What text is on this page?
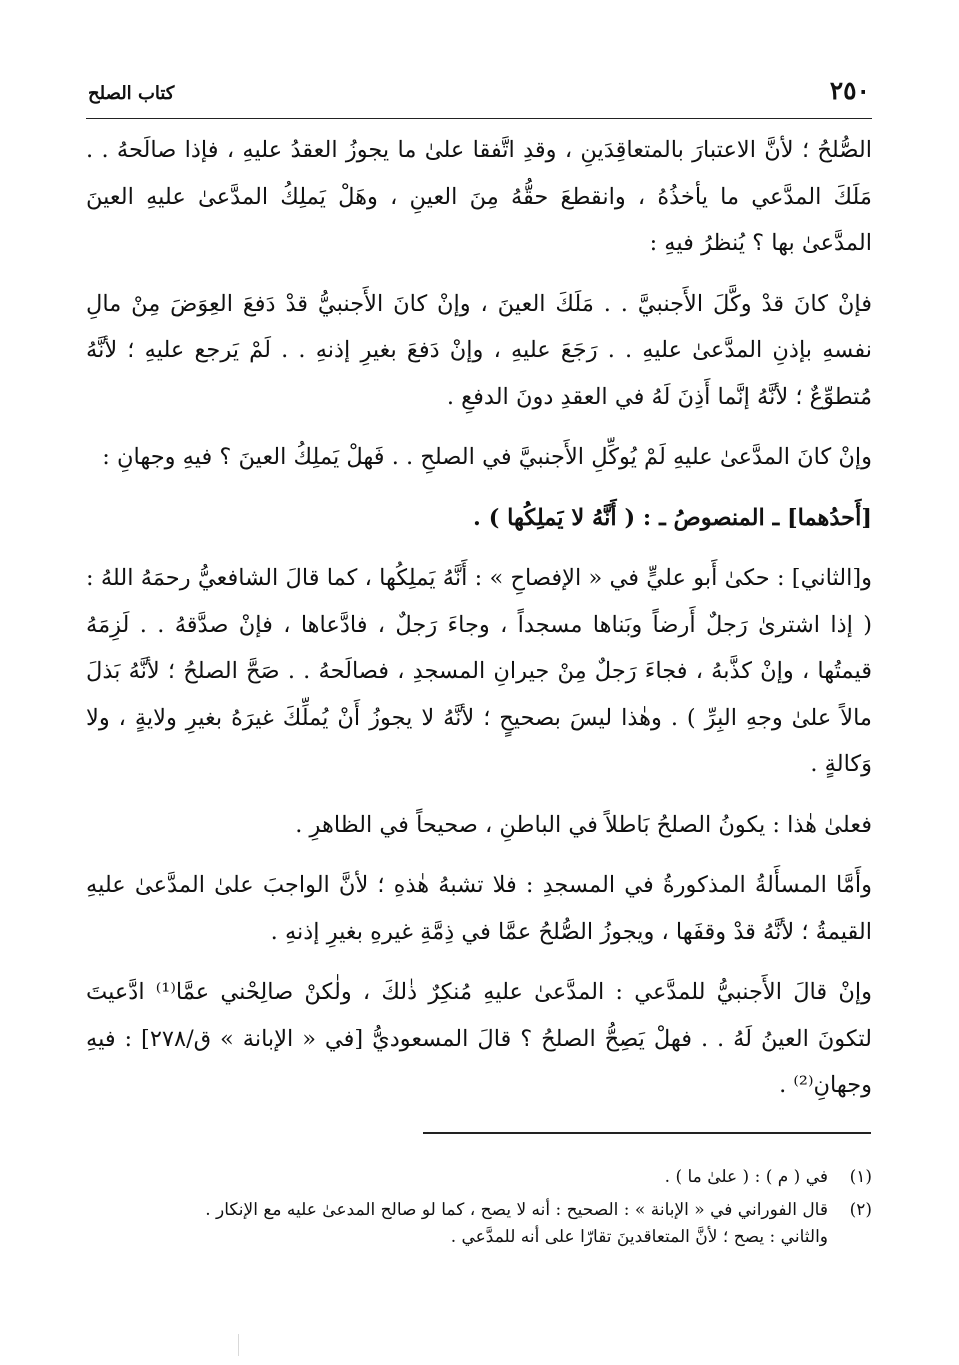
٢٥٠
كتاب الصلح

الصُّلحُ ؛ لأنَّ الاعتبارَ بالمتعاقِدَينِ ، وقدِ اتَّفقا علىٰ ما يجوزُ العقدُ عليهِ ، فإذا صالَحهُ . . مَلَكَ المدَّعي ما يأخذُهُ ، وانقطعَ حقُّهُ مِنَ العينِ ، وهَلْ يَملِكُ المدَّعىٰ عليهِ العينَ المدَّعىٰ بها ؟ يُنظرُ فيهِ :

فإنْ كانَ قدْ وكَّلَ الأَجنبيَّ . . مَلَكَ العينَ ، وإنْ كانَ الأَجنبيُّ قدْ دَفعَ العِوَضَ مِنْ مالِ نفسهِ بإذنِ المدَّعىٰ عليهِ . . رَجَعَ عليهِ ، وإنْ دَفعَ بغيرِ إذنهِ . . لَمْ يَرجع عليهِ ؛ لأنَّهُ مُتطوِّعٌ ؛ لأنَّهُ إنَّما أَذِنَ لَهُ في العقدِ دونَ الدفعِ .

وإنْ كانَ المدَّعىٰ عليهِ لَمْ يُوكِّلِ الأَجنبيَّ في الصلحِ . . فَهلْ يَملِكُ العينَ ؟ فيهِ وجهانِ :

[أَحدُهما] ـ المنصوصُ ـ : ( أَنَّهُ لا يَملِكُها ) .

و[الثاني] : حكىٰ أَبو عليٍّ في « الإفصاحِ » : أَنَّهُ يَملِكُها ، كما قالَ الشافعيُّ رحمَهُ اللهُ : ( إذا اشترىٰ رَجلٌ أَرضاً وبَناها مسجداً ، وجاءَ رَجلٌ ، فادَّعاها ، فإنْ صدَّقهُ . . لَزِمَهُ قيمتُها ، وإنْ كذَّبهُ ، فجاءَ رَجلٌ مِنْ جيرانِ المسجدِ ، فصالَحهُ . . صَحَّ الصلحُ ؛ لأنَّهُ بَذلَ مالاً علىٰ وجهِ البِرِّ ) . وهٰذا ليسَ بصحيحٍ ؛ لأنَّهُ لا يجوزُ أَنْ يُملِّكَ غيرَهُ بغيرِ ولايةٍ ، ولا وَكالةٍ .

فعلىٰ هٰذا : يكونُ الصلحُ بَاطلاً في الباطنِ ، صحيحاً في الظاهرِ .

وأَمَّا المسأَلةُ المذكورةُ في المسجدِ : فلا تشبهُ هٰذهِ ؛ لأنَّ الواجبَ علىٰ المدَّعىٰ عليهِ القيمةُ ؛ لأنَّهُ قدْ وقفَها ، ويجوزُ الصُّلحُ عمَّا في ذِمَّةِ غيرهِ بغيرِ إذنهِ .

وإنْ قالَ الأَجنبيُّ للمدَّعي : المدَّعىٰ عليهِ مُنكِرٌ ذٰلكَ ، ولٰكنْ صالِحْني عمَّا⁽¹⁾ ادَّعيتَ لتكونَ العينُ لَهُ . . فهلْ يَصِحُّ الصلحُ ؟ قالَ المسعوديُّ [في « الإبانة » ق/٢٧٨] : فيهِ وجهانِ⁽²⁾ .

(١)
في ( م ) : ( علىٰ ما ) .
(٢)
قال الفوراني في « الإبانة » : الصحيح : أنه لا يصح ، كما لو صالح المدعىٰ عليه مع الإنكار .
والثاني : يصح ؛ لأنَّ المتعاقدينَ تقارّا على أنه للمدَّعي .
